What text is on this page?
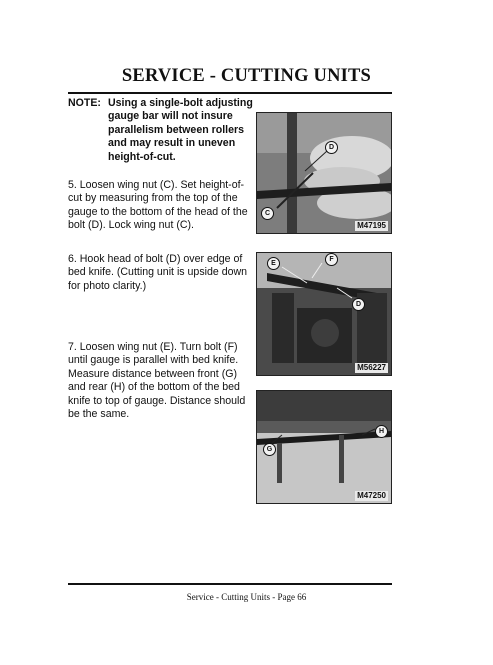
SERVICE - CUTTING UNITS
NOTE: Using a single-bolt adjusting gauge bar will not insure parallelism between rollers and may result in uneven height-of-cut.
5. Loosen wing nut (C). Set height-of-cut by measuring from the top of the gauge to the bottom of the head of the bolt (D). Lock wing nut (C).
6. Hook head of bolt (D) over edge of bed knife. (Cutting unit is upside down for photo clarity.)
7. Loosen wing nut (E). Turn bolt (F) until gauge is parallel with bed knife. Measure distance between front (G) and rear (H) of the bottom of the bed knife to top of gauge. Distance should be the same.
D
C
M47195
E
F
D
M56227
H
G
M47250
Service - Cutting Units - Page 66
